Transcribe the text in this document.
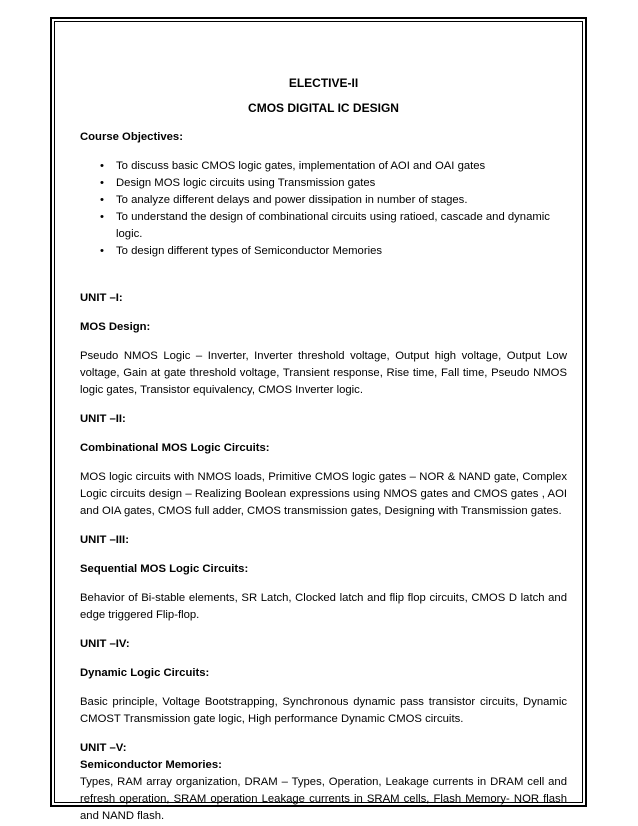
ELECTIVE-II

CMOS DIGITAL IC DESIGN

Course Objectives:

• To discuss basic CMOS logic gates, implementation of AOI and OAI gates
• Design MOS logic circuits using Transmission gates
• To analyze different delays and power dissipation in number of stages.
• To understand the design of combinational circuits using ratioed, cascade and dynamic logic.
• To design different types of Semiconductor Memories

UNIT –I:

MOS Design:

Pseudo NMOS Logic – Inverter, Inverter threshold voltage, Output high voltage, Output Low voltage, Gain at gate threshold voltage, Transient response, Rise time, Fall time, Pseudo NMOS logic gates, Transistor equivalency, CMOS Inverter logic.

UNIT –II:

Combinational MOS Logic Circuits:

MOS logic circuits with NMOS loads, Primitive CMOS logic gates – NOR & NAND gate, Complex Logic circuits design – Realizing Boolean expressions using NMOS gates and CMOS gates , AOI and OIA gates, CMOS full adder, CMOS transmission gates, Designing with Transmission gates.

UNIT –III:

Sequential MOS Logic Circuits:

Behavior of Bi-stable elements, SR Latch, Clocked latch and flip flop circuits, CMOS D latch and edge triggered Flip-flop.

UNIT –IV:

Dynamic Logic Circuits:

Basic principle, Voltage Bootstrapping, Synchronous dynamic pass transistor circuits, Dynamic CMOST Transmission gate logic, High performance Dynamic CMOS circuits.

UNIT –V:

Semiconductor Memories:

Types, RAM array organization, DRAM – Types, Operation, Leakage currents in DRAM cell and refresh operation, SRAM operation Leakage currents in SRAM cells, Flash Memory- NOR flash and NAND flash.
